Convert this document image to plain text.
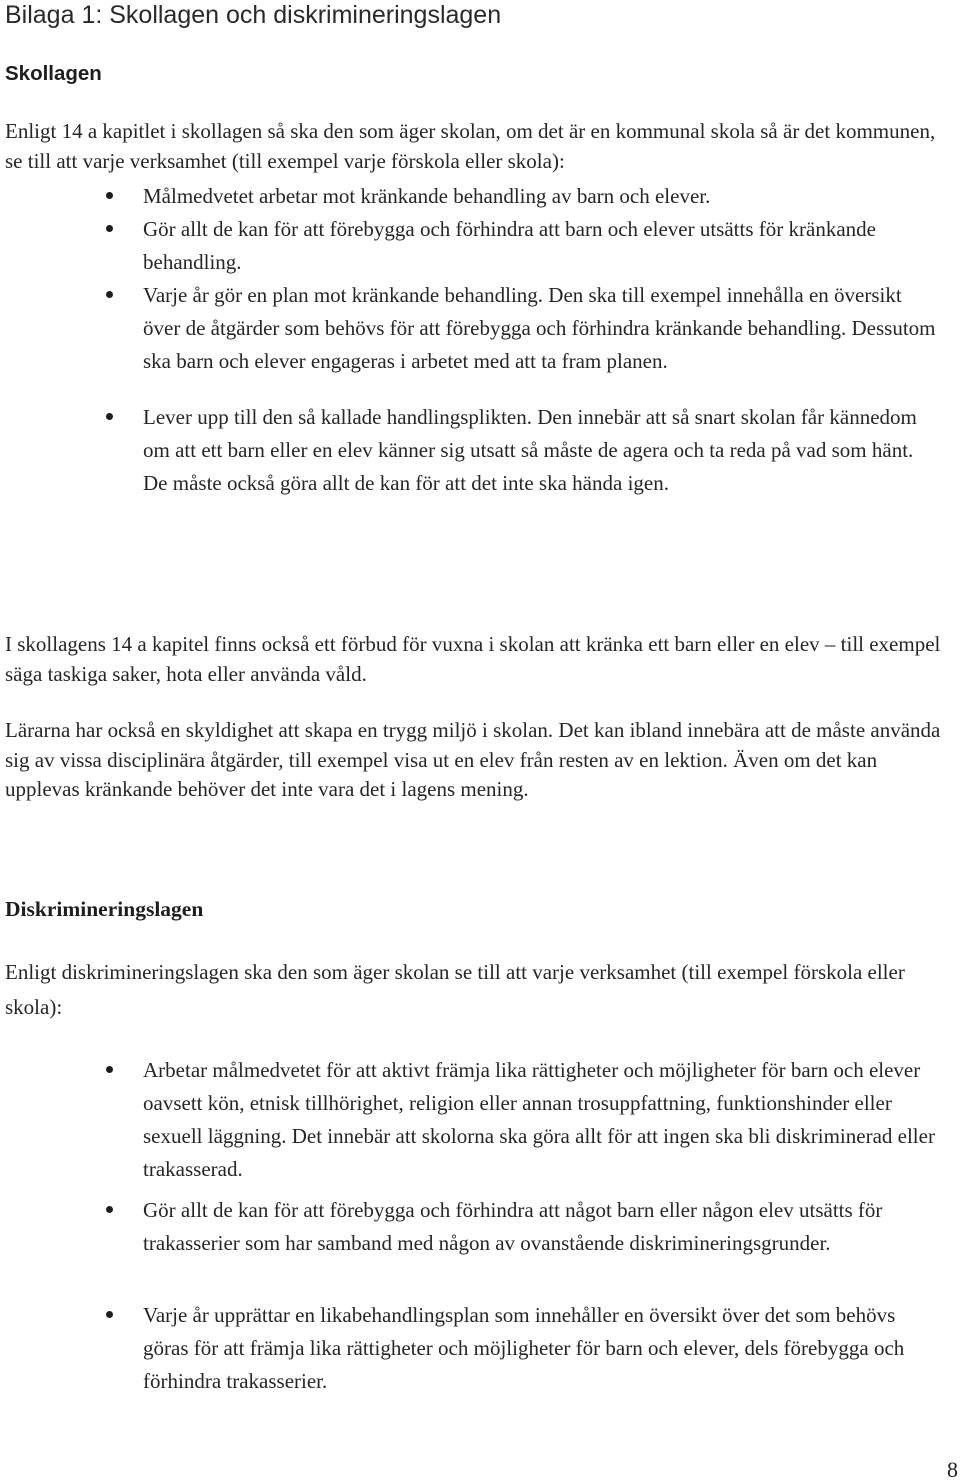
Bilaga 1: Skollagen och diskrimineringslagen
Skollagen
Enligt 14 a kapitlet i skollagen så ska den som äger skolan, om det är en kommunal skola så är det kommunen, se till att varje verksamhet (till exempel varje förskola eller skola):
Målmedvetet arbetar mot kränkande behandling av barn och elever.
Gör allt de kan för att förebygga och förhindra att barn och elever utsätts för kränkande behandling.
Varje år gör en plan mot kränkande behandling. Den ska till exempel innehålla en översikt över de åtgärder som behövs för att förebygga och förhindra kränkande behandling. Dessutom ska barn och elever engageras i arbetet med att ta fram planen.
Lever upp till den så kallade handlingsplikten. Den innebär att så snart skolan får kännedom om att ett barn eller en elev känner sig utsatt så måste de agera och ta reda på vad som hänt. De måste också göra allt de kan för att det inte ska hända igen.
I skollagens 14 a kapitel finns också ett förbud för vuxna i skolan att kränka ett barn eller en elev – till exempel säga taskiga saker, hota eller använda våld.
Lärarna har också en skyldighet att skapa en trygg miljö i skolan. Det kan ibland innebära att de måste använda sig av vissa disciplinära åtgärder, till exempel visa ut en elev från resten av en lektion. Även om det kan upplevas kränkande behöver det inte vara det i lagens mening.
Diskrimineringslagen
Enligt diskrimineringslagen ska den som äger skolan se till att varje verksamhet (till exempel förskola eller skola):
Arbetar målmedvetet för att aktivt främja lika rättigheter och möjligheter för barn och elever oavsett kön, etnisk tillhörighet, religion eller annan trosuppfattning, funktionshinder eller sexuell läggning. Det innebär att skolorna ska göra allt för att ingen ska bli diskriminerad eller trakasserad.
Gör allt de kan för att förebygga och förhindra att något barn eller någon elev utsätts för trakasserier som har samband med någon av ovanstående diskrimineringsgrunder.
Varje år upprättar en likabehandlingsplan som innehåller en översikt över det som behövs göras för att främja lika rättigheter och möjligheter för barn och elever, dels förebygga och förhindra trakasserier.
8
